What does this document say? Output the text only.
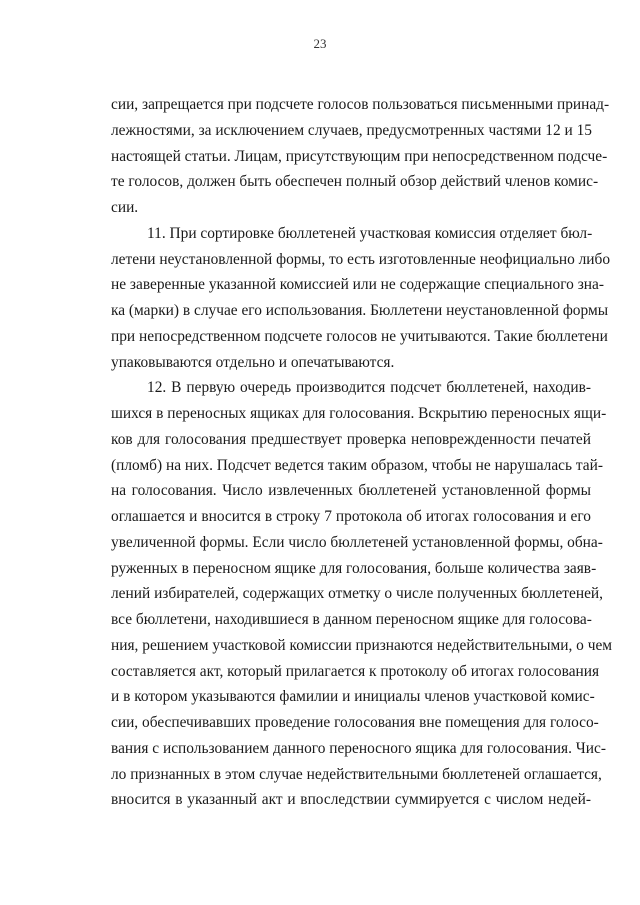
23
сии, запрещается при подсчете голосов пользоваться письменными принад-
лежностями, за исключением случаев, предусмотренных частями 12 и 15
настоящей статьи. Лицам, присутствующим при непосредственном подсче-
те голосов, должен быть обеспечен полный обзор действий членов комис-
сии.
11. При сортировке бюллетеней участковая комиссия отделяет бюл-
летени неустановленной формы, то есть изготовленные неофициально либо
не заверенные указанной комиссией или не содержащие специального зна-
ка (марки) в случае его использования. Бюллетени неустановленной формы
при непосредственном подсчете голосов не учитываются. Такие бюллетени
упаковываются отдельно и опечатываются.
12. В первую очередь производится подсчет бюллетеней, находив-
шихся в переносных ящиках для голосования. Вскрытию переносных ящи-
ков для голосования предшествует проверка неповрежденности печатей
(пломб) на них. Подсчет ведется таким образом, чтобы не нарушалась тай-
на голосования. Число извлеченных бюллетеней установленной формы
оглашается и вносится в строку 7 протокола об итогах голосования и его
увеличенной формы. Если число бюллетеней установленной формы, обна-
руженных в переносном ящике для голосования, больше количества заяв-
лений избирателей, содержащих отметку о числе полученных бюллетеней,
все бюллетени, находившиеся в данном переносном ящике для голосова-
ния, решением участковой комиссии признаются недействительными, о чем
составляется акт, который прилагается к протоколу об итогах голосования
и в котором указываются фамилии и инициалы членов участковой комис-
сии, обеспечивавших проведение голосования вне помещения для голосо-
вания с использованием данного переносного ящика для голосования. Чис-
ло признанных в этом случае недействительными бюллетеней оглашается,
вносится в указанный акт и впоследствии суммируется с числом недей-
